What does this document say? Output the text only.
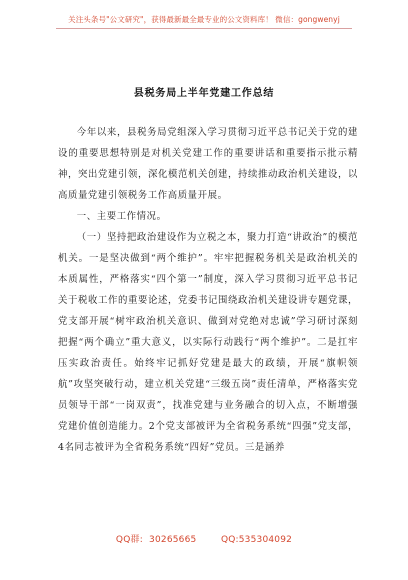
关注头条号"公文研究"，获得最新最全最专业的公文资料库！ 微信：gongwenyj
县税务局上半年党建工作总结

今年以来，县税务局党组深入学习贯彻习近平总书记关于党的建设的重要思想特别是对机关党建工作的重要讲话和重要指示批示精神，突出党建引领，深化模范机关创建，持续推动政治机关建设，以高质量党建引领税务工作高质量开展。

一、主要工作情况。

（一）坚持把政治建设作为立税之本，聚力打造“讲政治”的模范机关。一是坚决做到“两个维护”。牢牢把握税务机关是政治机关的本质属性，严格落实“四个第一”制度，深入学习贯彻习近平总书记关于税收工作的重要论述，党委书记围绕政治机关建设讲专题党课，党支部开展“树牢政治机关意识、做到对党绝对忠诚”学习研讨深刻把握“两个确立”重大意义，以实际行动践行“两个维护”。二是扛牢压实政治责任。始终牢记抓好党建是最大的政绩，开展“旗帜领航”攻坚突破行动，建立机关党建“三级五岗”责任清单，严格落实党员领导干部“一岗双责”，找准党建与业务融合的切入点，不断增强党建价值创造能力。2个党支部被评为全省税务系统“四强”党支部，4名同志被评为全省税务系统“四好”党员。三是涵养

QQ群:  30265665        QQ:535304092
